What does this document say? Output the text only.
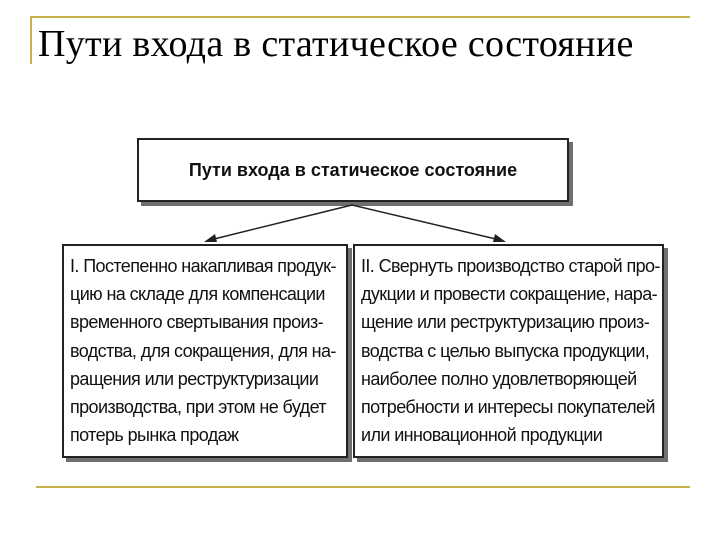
Пути входа в статическое состояние
Пути входа в статическое состояние
I. Постепенно накапливая продук-
цию на складе для компенсации
временного свертывания произ-
водства, для сокращения, для на-
ращения или реструктуризации
производства, при этом не будет
потерь рынка продаж
II. Свернуть производство старой про-
дукции и провести сокращение, нара-
щение или реструктуризацию произ-
водства с целью выпуска продукции,
наиболее полно удовлетворяющей
потребности и интересы покупателей
или инновационной продукции
